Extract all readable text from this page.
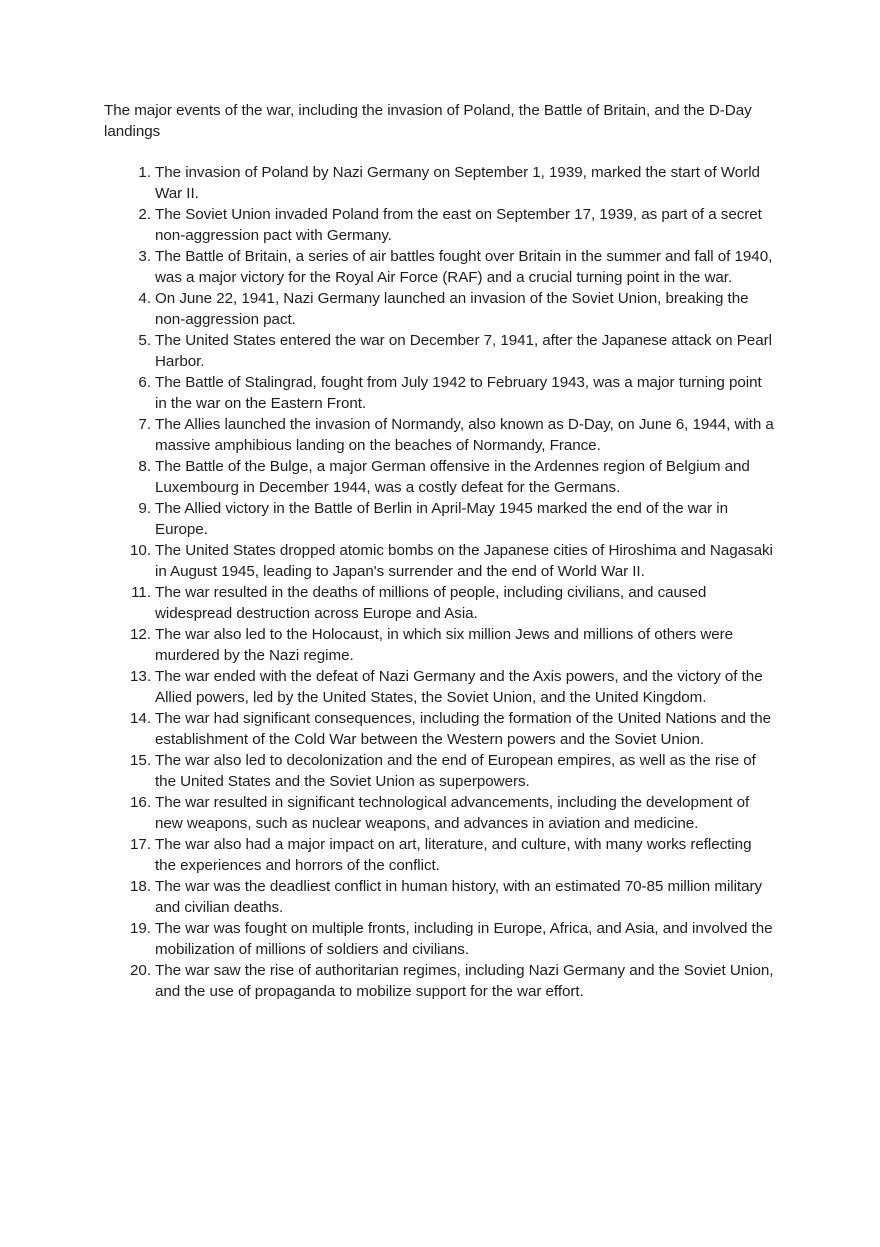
The major events of the war, including the invasion of Poland, the Battle of Britain, and the D-Day landings

1 . The invasion of Poland by Nazi Germany on September 1, 1939, marked the start of World War II.
2 . The Soviet Union invaded Poland from the east on September 17, 1939, as part of a secret non-aggression pact with Germany.
3 . The Battle of Britain, a series of air battles fought over Britain in the summer and fall of 1940, was a major victory for the Royal Air Force (RAF) and a crucial turning point in the war.
4 . On June 22, 1941, Nazi Germany launched an invasion of the Soviet Union, breaking the non-aggression pact.
5 . The United States entered the war on December 7, 1941, after the Japanese attack on Pearl Harbor.
6 . The Battle of Stalingrad, fought from July 1942 to February 1943, was a major turning point in the war on the Eastern Front.
7 . The Allies launched the invasion of Normandy, also known as D-Day, on June 6, 1944, with a massive amphibious landing on the beaches of Normandy, France.
8 . The Battle of the Bulge, a major German offensive in the Ardennes region of Belgium and Luxembourg in December 1944, was a costly defeat for the Germans.
9 . The Allied victory in the Battle of Berlin in April-May 1945 marked the end of the war in Europe.
10 . The United States dropped atomic bombs on the Japanese cities of Hiroshima and Nagasaki in August 1945, leading to Japan's surrender and the end of World War II.
11 . The war resulted in the deaths of millions of people, including civilians, and caused widespread destruction across Europe and Asia.
12 . The war also led to the Holocaust, in which six million Jews and millions of others were murdered by the Nazi regime.
13 . The war ended with the defeat of Nazi Germany and the Axis powers, and the victory of the Allied powers, led by the United States, the Soviet Union, and the United Kingdom.
14 . The war had significant consequences, including the formation of the United Nations and the establishment of the Cold War between the Western powers and the Soviet Union.
15 . The war also led to decolonization and the end of European empires, as well as the rise of the United States and the Soviet Union as superpowers.
16 . The war resulted in significant technological advancements, including the development of new weapons, such as nuclear weapons, and advances in aviation and medicine.
17 . The war also had a major impact on art, literature, and culture, with many works reflecting the experiences and horrors of the conflict.
18 . The war was the deadliest conflict in human history, with an estimated 70-85 million military and civilian deaths.
19 . The war was fought on multiple fronts, including in Europe, Africa, and Asia, and involved the mobilization of millions of soldiers and civilians.
20 . The war saw the rise of authoritarian regimes, including Nazi Germany and the Soviet Union, and the use of propaganda to mobilize support for the war effort.
